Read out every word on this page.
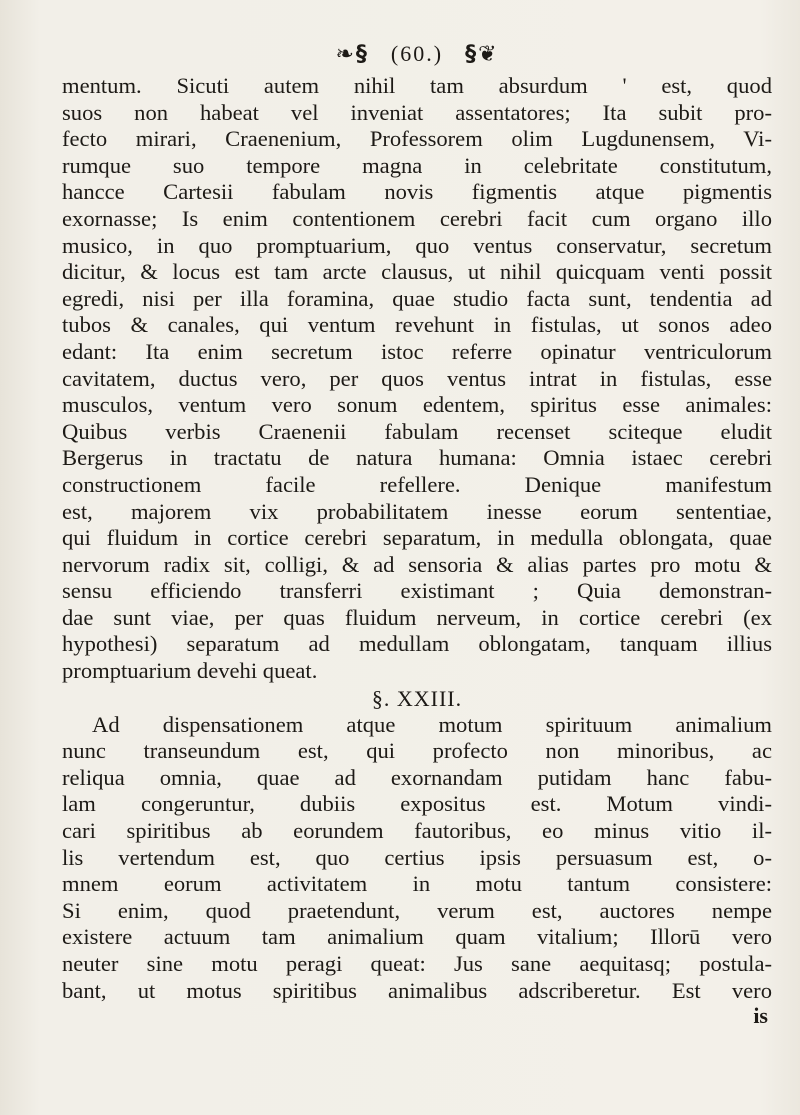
❧§ (60.) §❦
mentum. Sicuti autem nihil tam absurdum ' est, quod
suos non habeat vel inveniat assentatores; Ita subit pro-
fecto mirari, Craenenium, Professorem olim Lugdunensem, Vi-
rumque suo tempore magna in celebritate constitutum,
hancce Cartesii fabulam novis figmentis atque pigmentis
exornasse; Is enim contentionem cerebri facit cum organo illo
musico, in quo promptuarium, quo ventus conservatur, secretum
dicitur, & locus est tam arcte clausus, ut nihil quicquam venti possit
egredi, nisi per illa foramina, quae studio facta sunt, tendentia ad
tubos & canales, qui ventum revehunt in fistulas, ut sonos adeo
edant: Ita enim secretum istoc referre opinatur ventriculorum
cavitatem, ductus vero, per quos ventus intrat in fistulas, esse
musculos, ventum vero sonum edentem, spiritus esse animales:
Quibus verbis Craenenii fabulam recenset sciteque eludit
Bergerus in tractatu de natura humana: Omnia istaec cerebri
constructionem facile refellere. Denique manifestum
est, majorem vix probabilitatem inesse eorum sententiae,
qui fluidum in cortice cerebri separatum, in medulla oblongata, quae
nervorum radix sit, colligi, & ad sensoria & alias partes pro motu &
sensu efficiendo transferri existimant ; Quia demonstran-
dae sunt viae, per quas fluidum nerveum, in cortice cerebri (ex
hypothesi) separatum ad medullam oblongatam, tanquam illius
promptuarium devehi queat.
§. XXIII.
Ad dispensationem atque motum spirituum animalium
nunc transeundum est, qui profecto non minoribus, ac
reliqua omnia, quae ad exornandam putidam hanc fabu-
lam congeruntur, dubiis expositus est. Motum vindi-
cari spiritibus ab eorundem fautoribus, eo minus vitio il-
lis vertendum est, quo certius ipsis persuasum est, o-
mnem eorum activitatem in motu tantum consistere:
Si enim, quod praetendunt, verum est, auctores nempe
existere actuum tam animalium quam vitalium; Illorū vero
neuter sine motu peragi queat: Jus sane aequitasq; postula-
bant, ut motus spiritibus animalibus adscriberetur. Est vero
is
